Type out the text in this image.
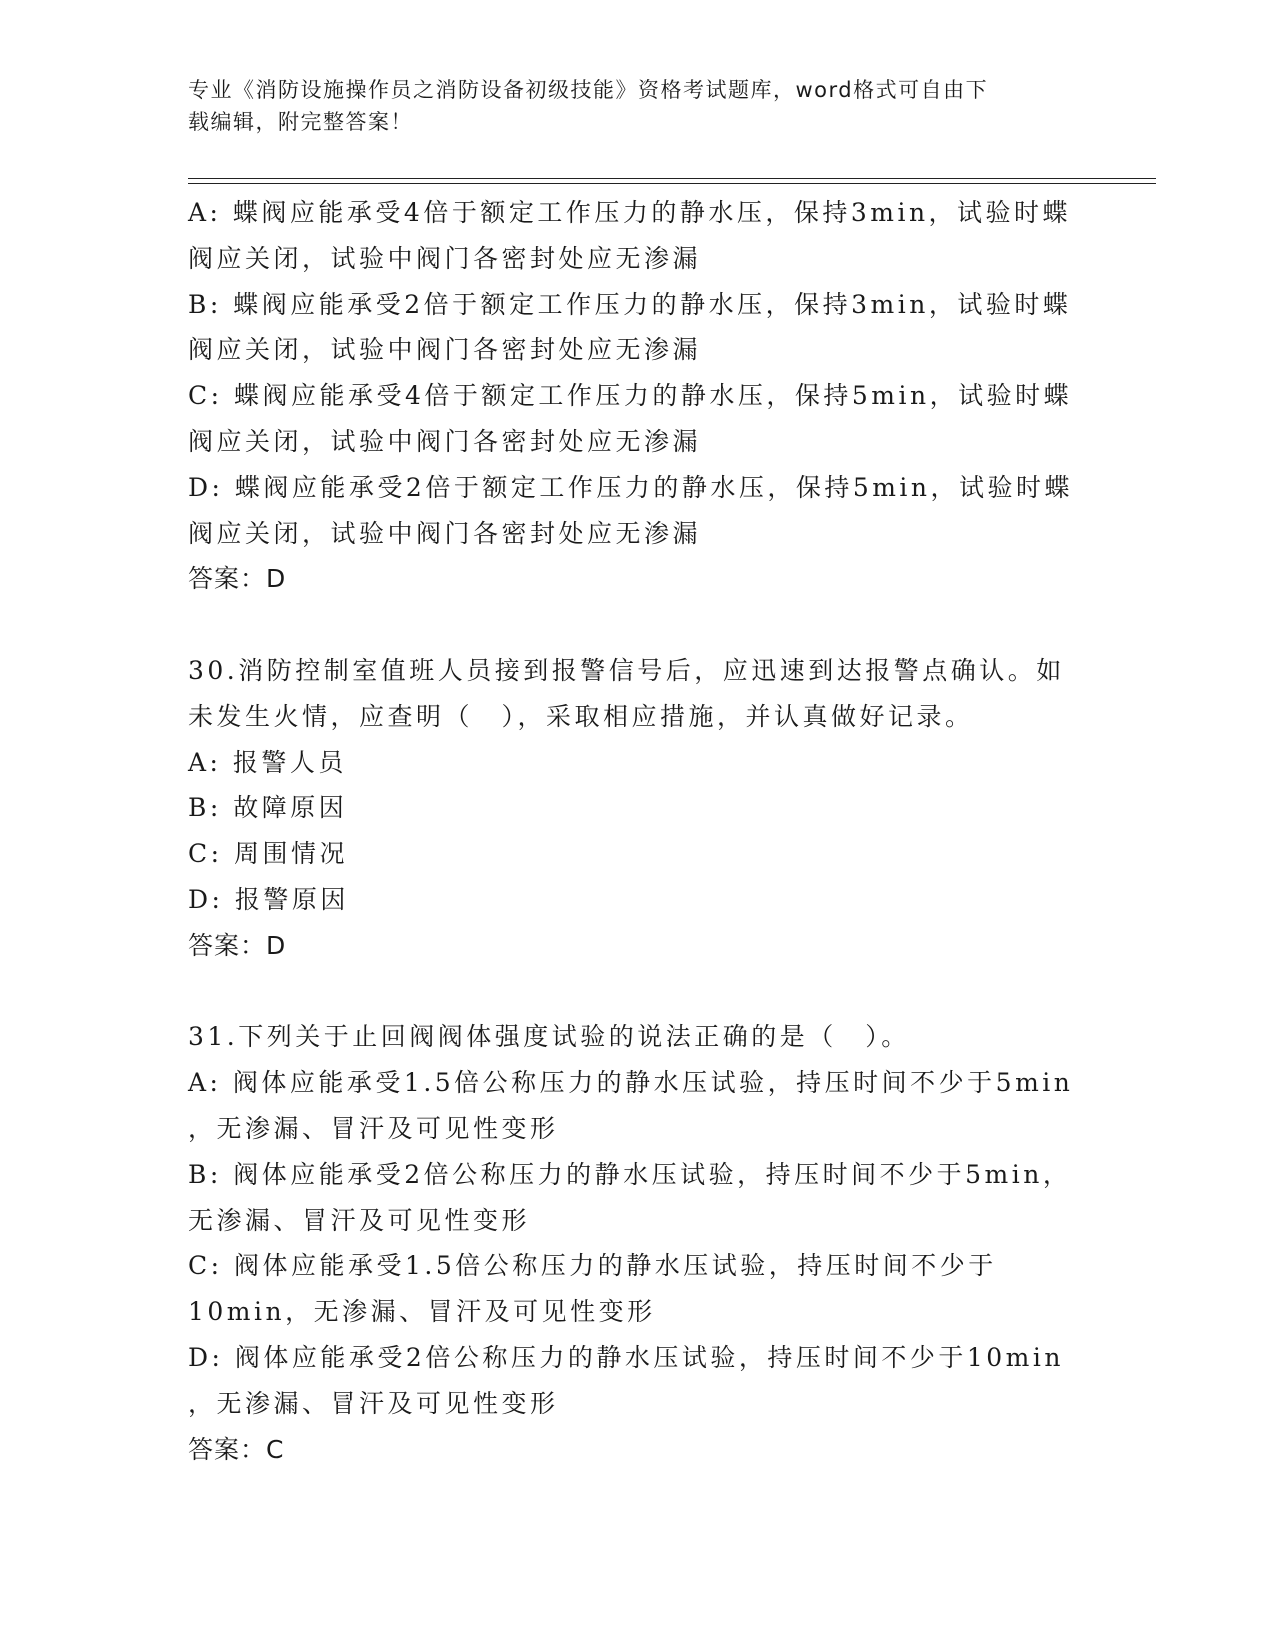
专业《消防设施操作员之消防设备初级技能》资格考试题库，word格式可自由下
载编辑，附完整答案！
A: 蝶阀应能承受4倍于额定工作压力的静水压，保持3min，试验时蝶
阀应关闭，试验中阀门各密封处应无渗漏
B: 蝶阀应能承受2倍于额定工作压力的静水压，保持3min，试验时蝶
阀应关闭，试验中阀门各密封处应无渗漏
C: 蝶阀应能承受4倍于额定工作压力的静水压，保持5min，试验时蝶
阀应关闭，试验中阀门各密封处应无渗漏
D: 蝶阀应能承受2倍于额定工作压力的静水压，保持5min，试验时蝶
阀应关闭，试验中阀门各密封处应无渗漏
答案：D
30.消防控制室值班人员接到报警信号后，应迅速到达报警点确认。如
未发生火情，应查明（　），采取相应措施，并认真做好记录。
A: 报警人员
B: 故障原因
C: 周围情况
D: 报警原因
答案：D
31.下列关于止回阀阀体强度试验的说法正确的是（　）。
A: 阀体应能承受1.5倍公称压力的静水压试验，持压时间不少于5min
，无渗漏、冒汗及可见性变形
B: 阀体应能承受2倍公称压力的静水压试验，持压时间不少于5min，
无渗漏、冒汗及可见性变形
C: 阀体应能承受1.5倍公称压力的静水压试验，持压时间不少于
10min，无渗漏、冒汗及可见性变形
D: 阀体应能承受2倍公称压力的静水压试验，持压时间不少于10min
，无渗漏、冒汗及可见性变形
答案：C
